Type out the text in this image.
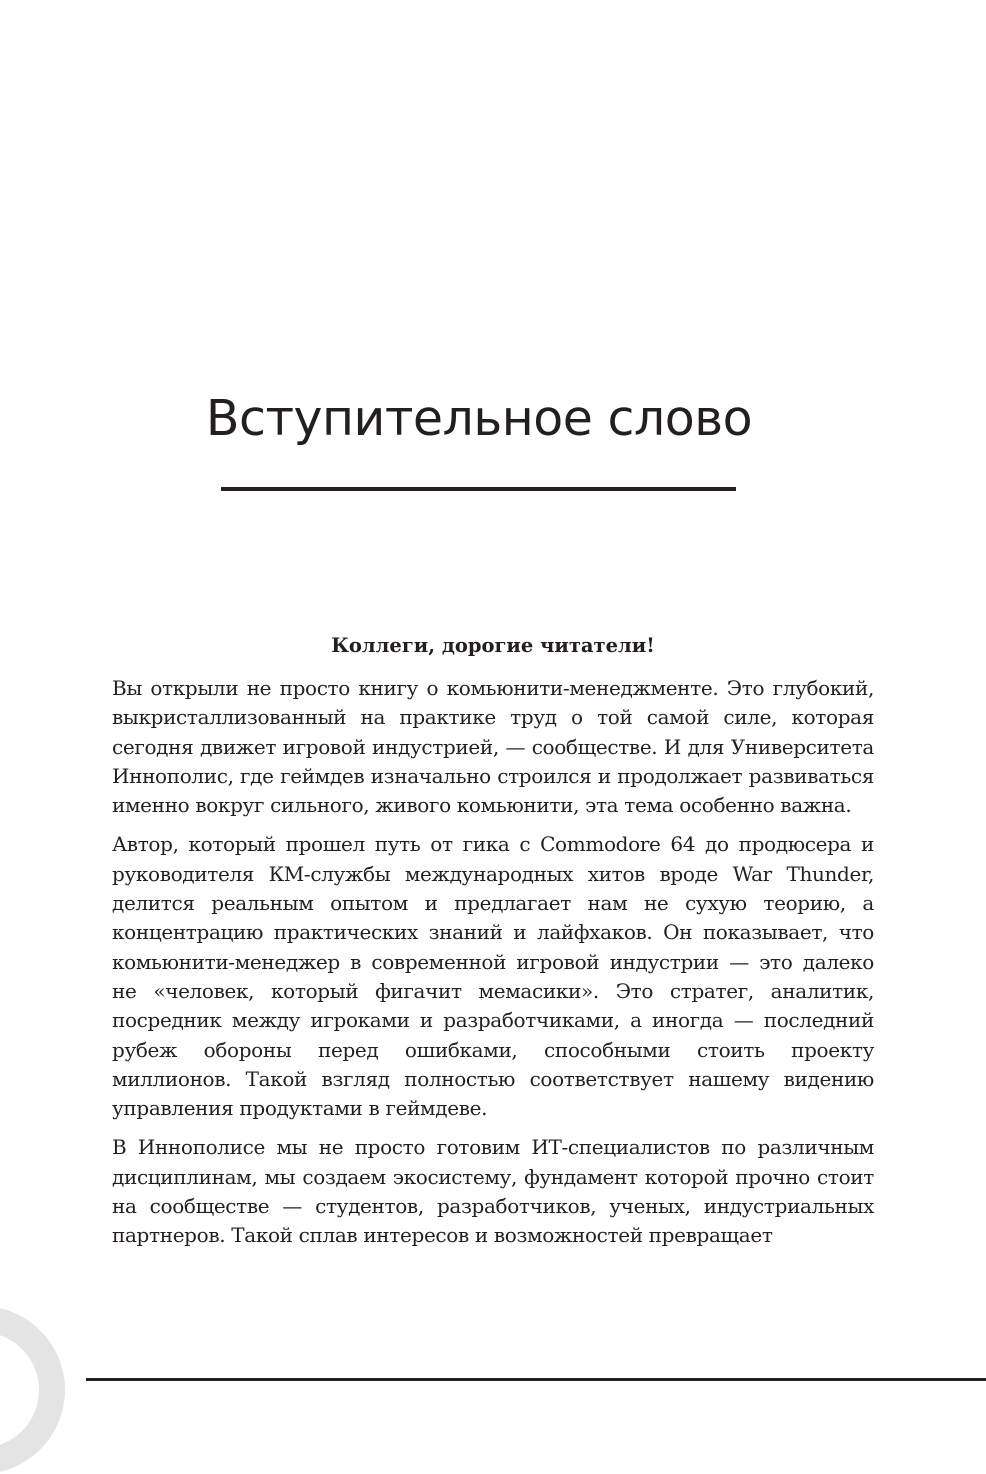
Вступительное слово

Коллеги, дорогие читатели!

Вы открыли не просто книгу о комьюнити-менеджменте. Это глубокий, выкристаллизованный на практике труд о той самой силе, которая сегодня движет игровой индустрией, — сообществе. И для Университета Иннополис, где геймдев изначально строился и продолжает развиваться именно вокруг сильного, живого комьюнити, эта тема особенно важна.

Автор, который прошел путь от гика с Commodore 64 до продюсера и руководителя КМ-службы международных хитов вроде War Thunder, делится реальным опытом и предлагает нам не сухую теорию, а концентрацию практических знаний и лайфхаков. Он показывает, что комьюнити-менеджер в современной игровой индустрии — это далеко не «человек, который фигачит мемасики». Это стратег, аналитик, посредник между игроками и разработчиками, а иногда — последний рубеж обороны перед ошибками, способными стоить проекту миллионов. Такой взгляд полностью соответствует нашему видению управления продуктами в геймдеве.

В Иннополисе мы не просто готовим ИТ-специалистов по различным дисциплинам, мы создаем экосистему, фундамент которой прочно стоит на сообществе — студентов, разработчиков, ученых, индустриальных партнеров. Такой сплав интересов и возможностей превращает
